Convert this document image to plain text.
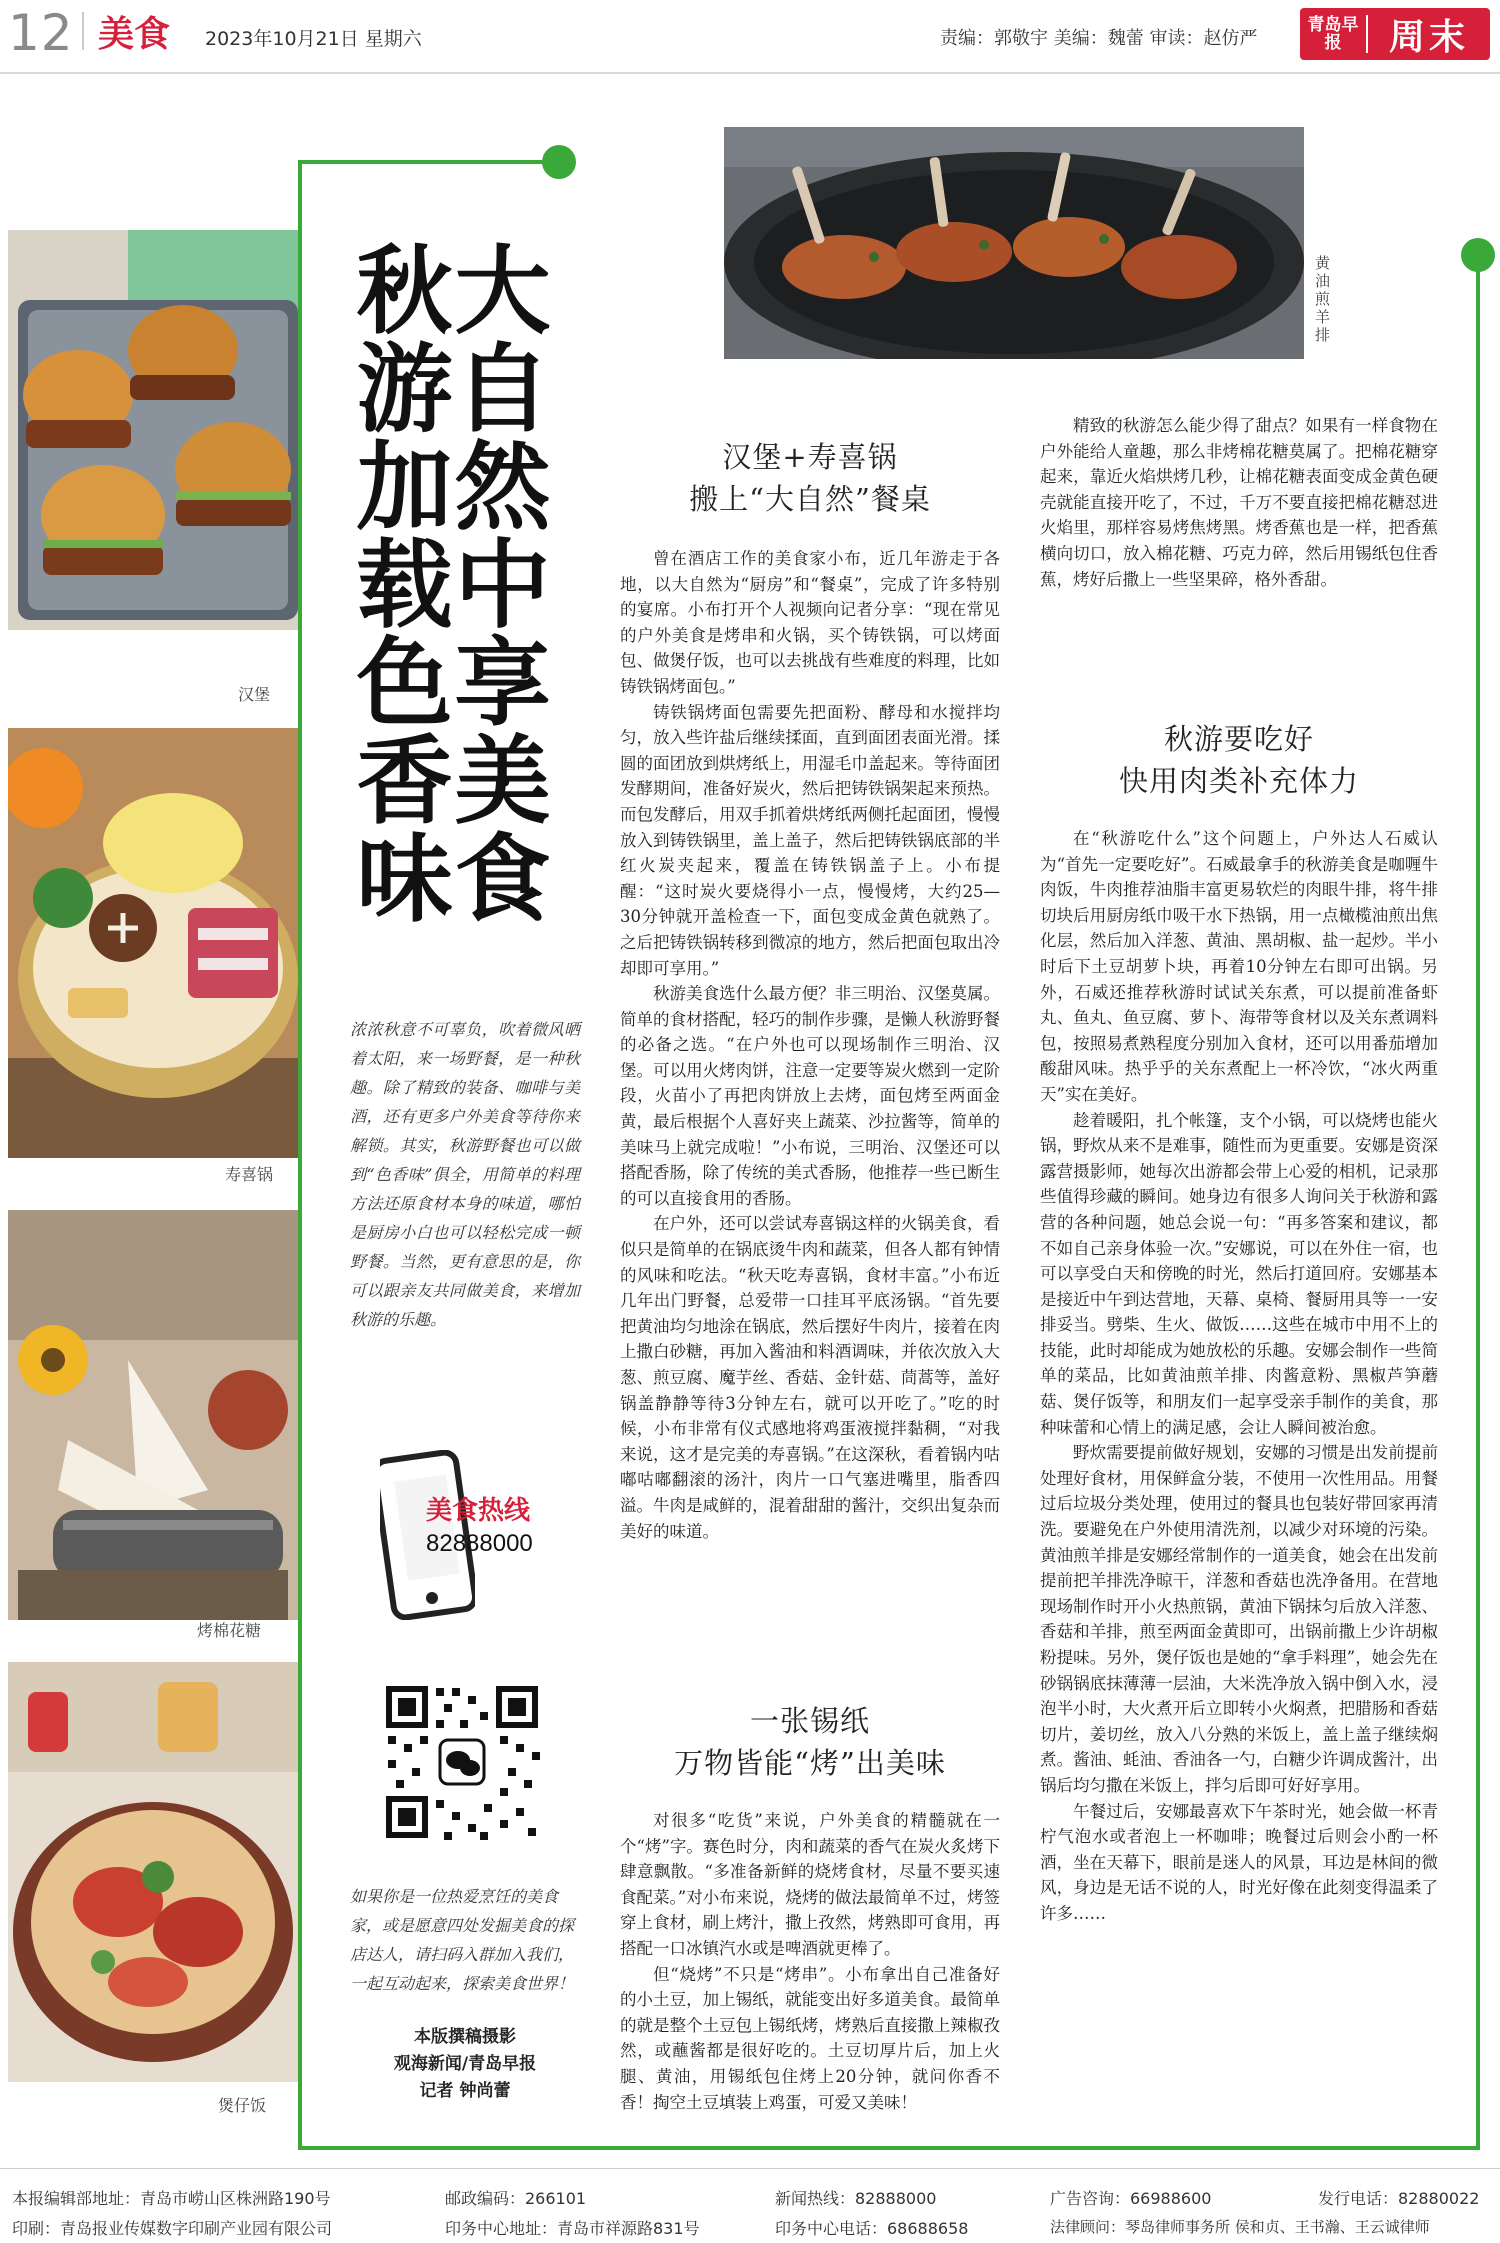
12 美食 2023年10月21日 星期六	责编：郭敬宇 美编：魏蕾 审读：赵仿严
青岛早报	周末
汉堡
寿喜锅
烤棉花糖
煲仔饭
大自然中享美食秋游加载色香味
浓浓秋意不可辜负，吹着微风晒着太阳，来一场野餐，是一种秋趣。除了精致的装备、咖啡与美酒，还有更多户外美食等待你来解锁。其实，秋游野餐也可以做到“色香味”俱全，用简单的料理方法还原食材本身的味道，哪怕是厨房小白也可以轻松完成一顿野餐。当然，更有意思的是，你可以跟亲友共同做美食，来增加秋游的乐趣。
美食热线
82888000
如果你是一位热爱烹饪的美食家，或是愿意四处发掘美食的探店达人，请扫码入群加入我们，一起互动起来，探索美食世界！
本版撰稿摄影
观海新闻/青岛早报
记者 钟尚蕾
黄油煎羊排
汉堡+寿喜锅
搬上“大自然”餐桌

曾在酒店工作的美食家小布，近几年游走于各地，以大自然为“厨房”和“餐桌”，完成了许多特别的宴席。小布打开个人视频向记者分享：“现在常见的户外美食是烤串和火锅，买个铸铁锅，可以烤面包、做煲仔饭，也可以去挑战有些难度的料理，比如铸铁锅烤面包。”

铸铁锅烤面包需要先把面粉、酵母和水搅拌均匀，放入些许盐后继续揉面，直到面团表面光滑。揉圆的面团放到烘烤纸上，用湿毛巾盖起来。等待面团发酵期间，准备好炭火，然后把铸铁锅架起来预热。而包发酵后，用双手抓着烘烤纸两侧托起面团，慢慢放入到铸铁锅里，盖上盖子，然后把铸铁锅底部的半红火炭夹起来，覆盖在铸铁锅盖子上。小布提醒：“这时炭火要烧得小一点，慢慢烤，大约25—30分钟就开盖检查一下，面包变成金黄色就熟了。之后把铸铁锅转移到微凉的地方，然后把面包取出冷却即可享用。”

秋游美食选什么最方便？非三明治、汉堡莫属。简单的食材搭配，轻巧的制作步骤，是懒人秋游野餐的必备之选。“在户外也可以现场制作三明治、汉堡。可以用火烤肉饼，注意一定要等炭火燃到一定阶段，火苗小了再把肉饼放上去烤，面包烤至两面金黄，最后根据个人喜好夹上蔬菜、沙拉酱等，简单的美味马上就完成啦！”小布说，三明治、汉堡还可以搭配香肠，除了传统的美式香肠，他推荐一些已断生的可以直接食用的香肠。

在户外，还可以尝试寿喜锅这样的火锅美食，看似只是简单的在锅底烫牛肉和蔬菜，但各人都有钟情的风味和吃法。“秋天吃寿喜锅，食材丰富。”小布近几年出门野餐，总爱带一口挂耳平底汤锅。“首先要把黄油均匀地涂在锅底，然后摆好牛肉片，接着在肉上撒白砂糖，再加入酱油和料酒调味，并依次放入大葱、煎豆腐、魔芋丝、香菇、金针菇、茼蒿等，盖好锅盖静静等待3分钟左右，就可以开吃了。”吃的时候，小布非常有仪式感地将鸡蛋液搅拌黏稠，“对我来说，这才是完美的寿喜锅。”在这深秋，看着锅内咕嘟咕嘟翻滚的汤汁，肉片一口气塞进嘴里，脂香四溢。牛肉是咸鲜的，混着甜甜的酱汁，交织出复杂而美好的味道。

一张锡纸
万物皆能“烤”出美味

对很多“吃货”来说，户外美食的精髓就在一个“烤”字。赛色时分，肉和蔬菜的香气在炭火炙烤下肆意飘散。“多准备新鲜的烧烤食材，尽量不要买速食配菜。”对小布来说，烧烤的做法最简单不过，烤签穿上食材，刷上烤汁，撒上孜然，烤熟即可食用，再搭配一口冰镇汽水或是啤酒就更棒了。

但“烧烤”不只是“烤串”。小布拿出自己准备好的小土豆，加上锡纸，就能变出好多道美食。最简单的就是整个土豆包上锡纸烤，烤熟后直接撒上辣椒孜然，或蘸酱都是很好吃的。土豆切厚片后，加上火腿、黄油，用锡纸包住烤上20分钟，就问你香不香！掏空土豆填装上鸡蛋，可爱又美味！

精致的秋游怎么能少得了甜点？如果有一样食物在户外能给人童趣，那么非烤棉花糖莫属了。把棉花糖穿起来，靠近火焰烘烤几秒，让棉花糖表面变成金黄色硬壳就能直接开吃了，不过，千万不要直接把棉花糖怼进火焰里，那样容易烤焦烤黑。烤香蕉也是一样，把香蕉横向切口，放入棉花糖、巧克力碎，然后用锡纸包住香蕉，烤好后撒上一些坚果碎，格外香甜。

秋游要吃好
快用肉类补充体力

在“秋游吃什么”这个问题上，户外达人石威认为“首先一定要吃好”。石威最拿手的秋游美食是咖喱牛肉饭，牛肉推荐油脂丰富更易软烂的肉眼牛排，将牛排切块后用厨房纸巾吸干水下热锅，用一点橄榄油煎出焦化层，然后加入洋葱、黄油、黑胡椒、盐一起炒。半小时后下土豆胡萝卜块，再着10分钟左右即可出锅。另外，石威还推荐秋游时试试关东煮，可以提前准备虾丸、鱼丸、鱼豆腐、萝卜、海带等食材以及关东煮调料包，按照易煮熟程度分别加入食材，还可以用番茄增加酸甜风味。热乎乎的关东煮配上一杯冷饮，“冰火两重天”实在美好。

趁着暖阳，扎个帐篷，支个小锅，可以烧烤也能火锅，野炊从来不是难事，随性而为更重要。安娜是资深露营摄影师，她每次出游都会带上心爱的相机，记录那些值得珍藏的瞬间。她身边有很多人询问关于秋游和露营的各种问题，她总会说一句：“再多答案和建议，都不如自己亲身体验一次。”安娜说，可以在外住一宿，也可以享受白天和傍晚的时光，然后打道回府。安娜基本是接近中午到达营地，天幕、桌椅、餐厨用具等一一安排妥当。劈柴、生火、做饭……这些在城市中用不上的技能，此时却能成为她放松的乐趣。安娜会制作一些简单的菜品，比如黄油煎羊排、肉酱意粉、黑椒芦笋蘑菇、煲仔饭等，和朋友们一起享受亲手制作的美食，那种味蕾和心情上的满足感，会让人瞬间被治愈。

野炊需要提前做好规划，安娜的习惯是出发前提前处理好食材，用保鲜盒分装，不使用一次性用品。用餐过后垃圾分类处理，使用过的餐具也包装好带回家再清洗。要避免在户外使用清洗剂，以减少对环境的污染。黄油煎羊排是安娜经常制作的一道美食，她会在出发前提前把羊排洗净晾干，洋葱和香菇也洗净备用。在营地现场制作时开小火热煎锅，黄油下锅抹匀后放入洋葱、香菇和羊排，煎至两面金黄即可，出锅前撒上少许胡椒粉提味。另外，煲仔饭也是她的“拿手料理”，她会先在砂锅锅底抹薄薄一层油，大米洗净放入锅中倒入水，浸泡半小时，大火煮开后立即转小火焖煮，把腊肠和香菇切片，姜切丝，放入八分熟的米饭上，盖上盖子继续焖煮。酱油、蚝油、香油各一勺，白糖少许调成酱汁，出锅后均匀撒在米饭上，拌匀后即可好好享用。

午餐过后，安娜最喜欢下午茶时光，她会做一杯青柠气泡水或者泡上一杯咖啡；晚餐过后则会小酌一杯酒，坐在天幕下，眼前是迷人的风景，耳边是林间的微风，身边是无话不说的人，时光好像在此刻变得温柔了许多……

本报编辑部地址：青岛市崂山区株洲路190号	邮政编码：266101	新闻热线：82888000	广告咨询：66988600	发行电话：82880022
印刷：青岛报业传媒数字印刷产业园有限公司	印务中心地址：青岛市祥源路831号	印务中心电话：68688658	法律顾问：琴岛律师事务所 侯和贞、王书瀚、王云诚律师
